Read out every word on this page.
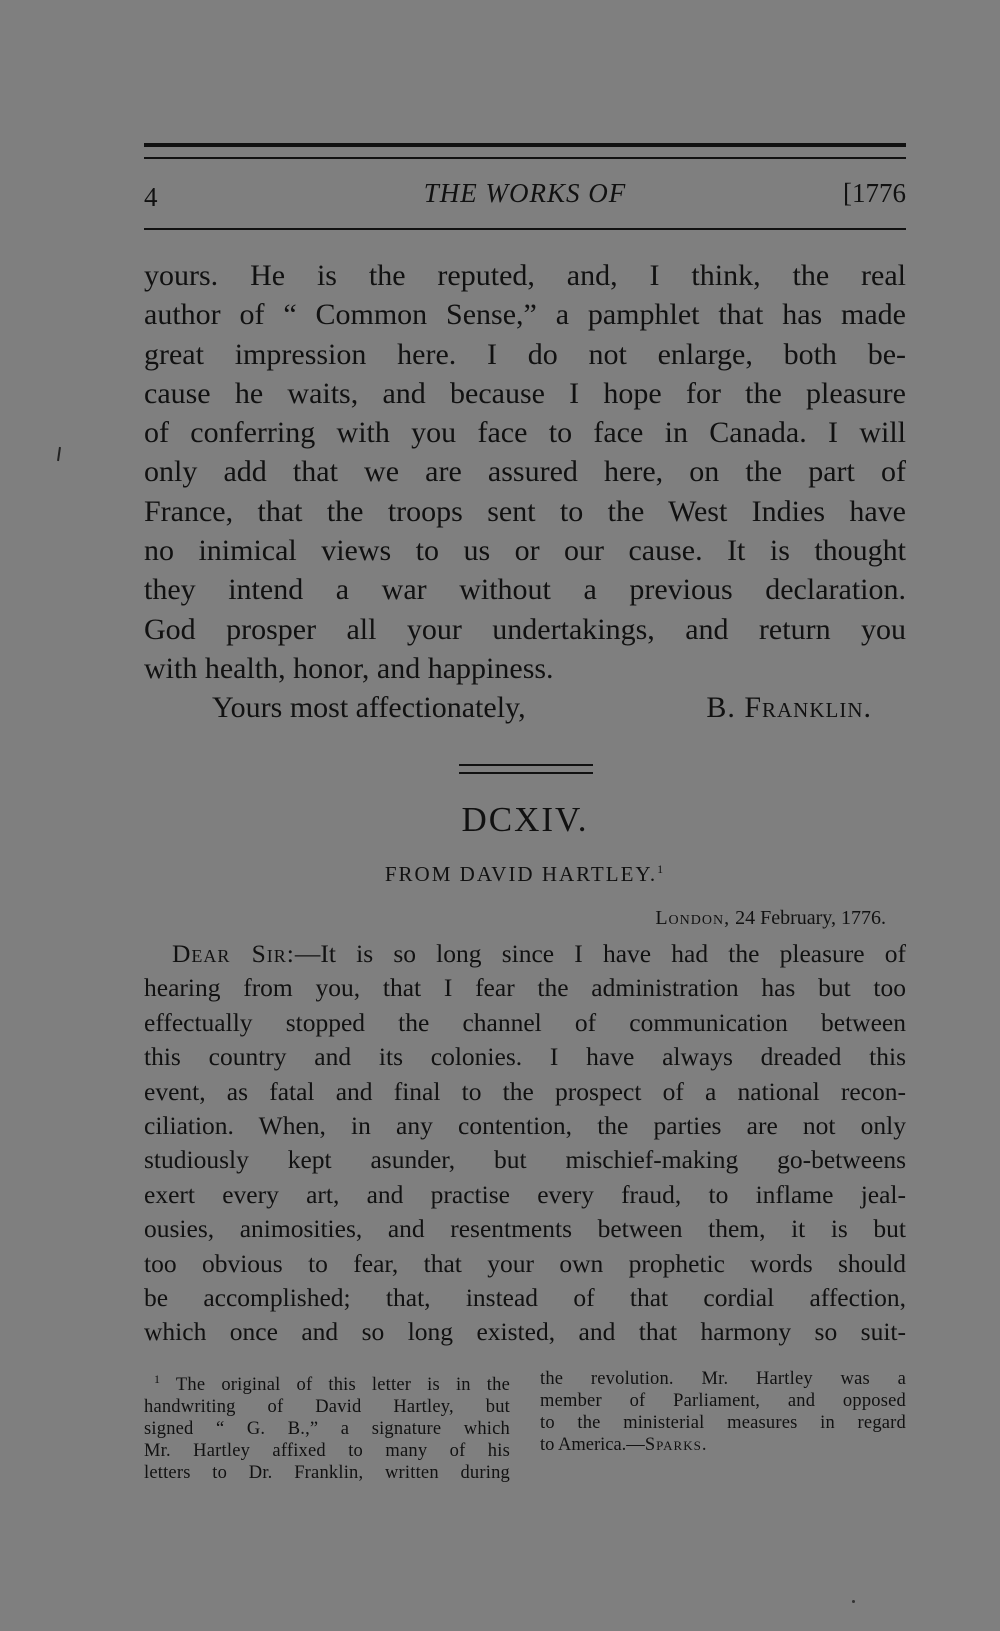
4	THE WORKS OF	[1776
yours. He is the reputed, and, I think, the real
author of “ Common Sense,” a pamphlet that has made
great impression here. I do not enlarge, both be-
cause he waits, and because I hope for the pleasure
of conferring with you face to face in Canada. I will
only add that we are assured here, on the part of
France, that the troops sent to the West Indies have
no inimical views to us or our cause. It is thought
they intend a war without a previous declaration.
God prosper all your undertakings, and return you
with health, honor, and happiness.
Yours most affectionately,	B. Franklin.
DCXIV.
FROM DAVID HARTLEY.$^1$
London, 24 February, 1776.
Dear Sir:—It is so long since I have had the pleasure of
hearing from you, that I fear the administration has but too
effectually stopped the channel of communication between
this country and its colonies. I have always dreaded this
event, as fatal and final to the prospect of a national recon-
ciliation. When, in any contention, the parties are not only
studiously kept asunder, but mischief-making go-betweens
exert every art, and practise every fraud, to inflame jeal-
ousies, animosities, and resentments between them, it is but
too obvious to fear, that your own prophetic words should
be accomplished; that, instead of that cordial affection,
which once and so long existed, and that harmony so suit-
$^1$ The original of this letter is in the
handwriting of David Hartley, but
signed “ G. B.,” a signature which
Mr. Hartley affixed to many of his
letters to Dr. Franklin, written during
the revolution. Mr. Hartley was a
member of Parliament, and opposed
to the ministerial measures in regard
to America.—Sparks.
